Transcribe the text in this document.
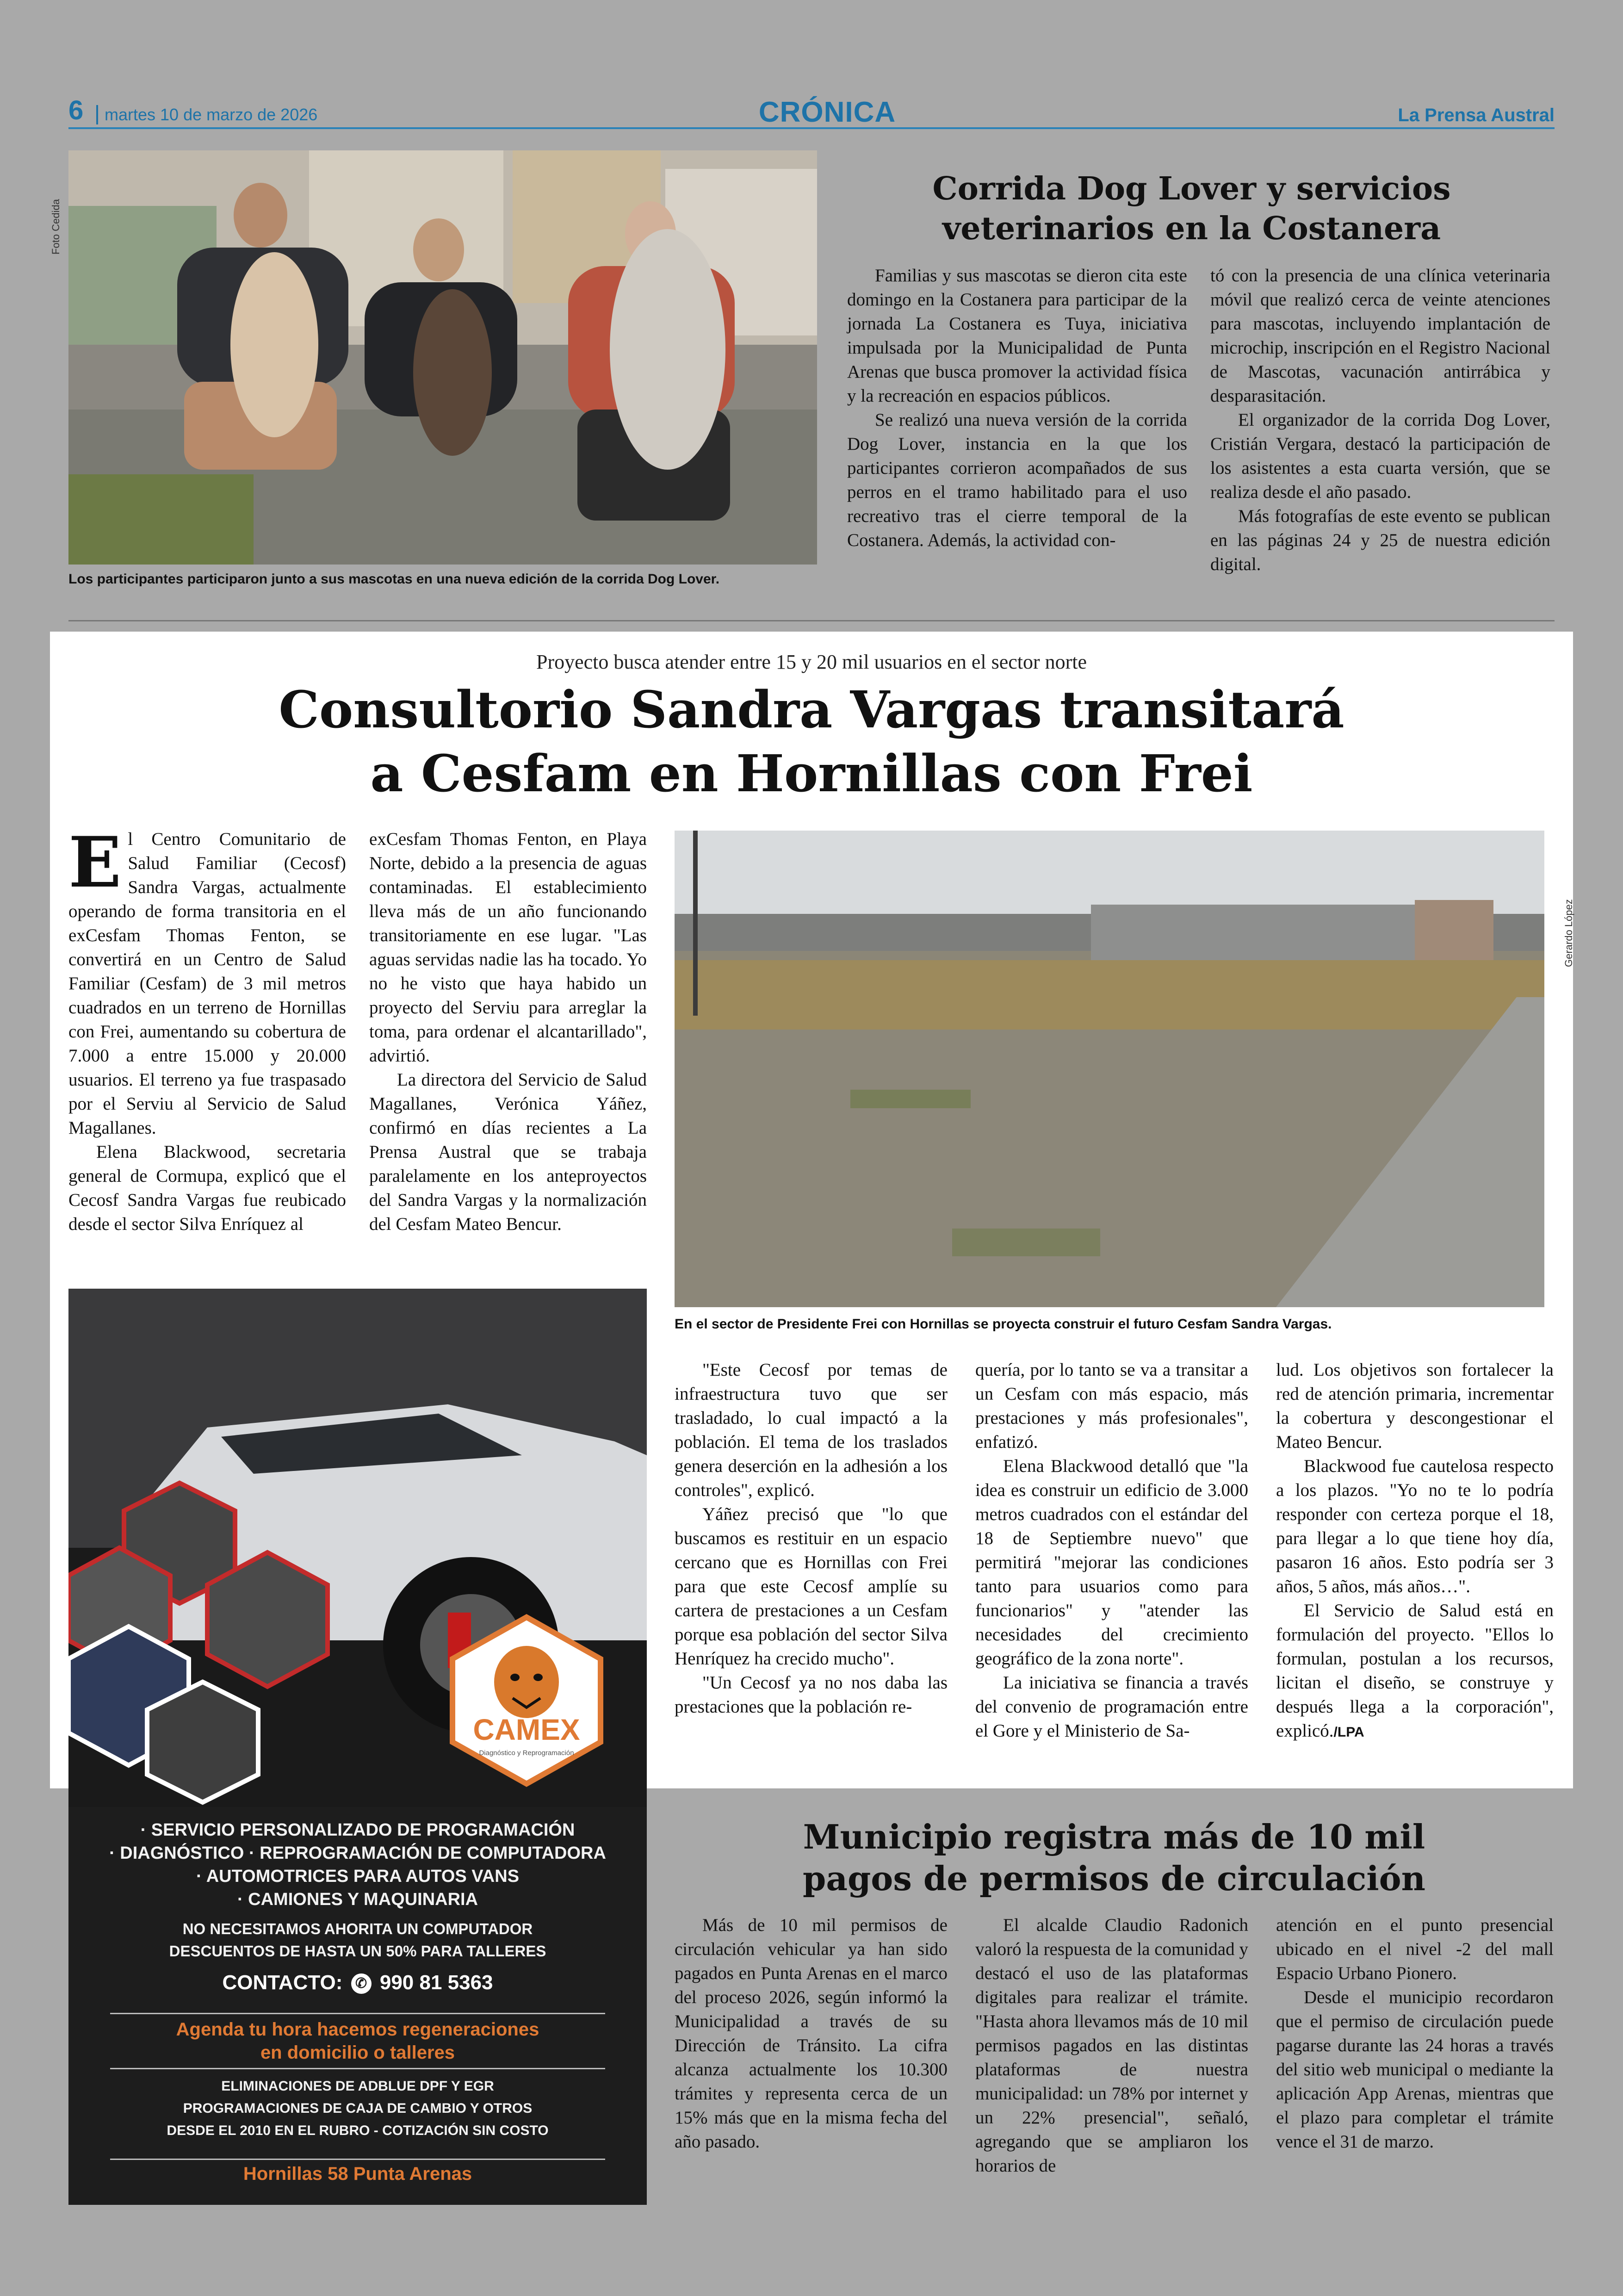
6	martes 10 de marzo de 2026	CRÓNICA	La Prensa Austral
Foto Cedida
Los participantes participaron junto a sus mascotas en una nueva edición de la corrida Dog Lover.
Corrida Dog Lover y servicios veterinarios en la Costanera

Familias y sus mascotas se dieron cita este domingo en la Costanera para participar de la jornada La Costanera es Tuya, iniciativa impulsada por la Municipalidad de Punta Arenas que busca promover la actividad física y la recreación en espacios públicos.

Se realizó una nueva versión de la corrida Dog Lover, instancia en la que los participantes corrieron acompañados de sus perros en el tramo habilitado para el uso recreativo tras el cierre temporal de la Costanera. Además, la actividad con-

tó con la presencia de una clínica veterinaria móvil que realizó cerca de veinte atenciones para mascotas, incluyendo implantación de microchip, inscripción en el Registro Nacional de Mascotas, vacunación antirrábica y desparasitación.

El organizador de la corrida Dog Lover, Cristián Vergara, destacó la participación de los asistentes a esta cuarta versión, que se realiza desde el año pasado.

Más fotografías de este evento se publican en las páginas 24 y 25 de nuestra edición digital.

Proyecto busca atender entre 15 y 20 mil usuarios en el sector norte
Consultorio Sandra Vargas transitará
a Cesfam en Hornillas con Frei

El Centro Comunitario de Salud Familiar (Cecosf) Sandra Vargas, actualmente operando de forma transitoria en el exCesfam Thomas Fenton, se convertirá en un Centro de Salud Familiar (Cesfam) de 3 mil metros cuadrados en un terreno de Hornillas con Frei, aumentando su cobertura de 7.000 a entre 15.000 y 20.000 usuarios. El terreno ya fue traspasado por el Serviu al Servicio de Salud Magallanes.

Elena Blackwood, secretaria general de Cormupa, explicó que el Cecosf Sandra Vargas fue reubicado desde el sector Silva Enríquez al

exCesfam Thomas Fenton, en Playa Norte, debido a la presencia de aguas contaminadas. El establecimiento lleva más de un año funcionando transitoriamente en ese lugar. "Las aguas servidas nadie las ha tocado. Yo no he visto que haya habido un proyecto del Serviu para arreglar la toma, para ordenar el alcantarillado", advirtió.

La directora del Servicio de Salud Magallanes, Verónica Yáñez, confirmó en días recientes a La Prensa Austral que se trabaja paralelamente en los anteproyectos del Sandra Vargas y la normalización del Cesfam Mateo Bencur.

Gerardo López
En el sector de Presidente Frei con Hornillas se proyecta construir el futuro Cesfam Sandra Vargas.

"Este Cecosf por temas de infraestructura tuvo que ser trasladado, lo cual impactó a la población. El tema de los traslados genera deserción en la adhesión a los controles", explicó.

Yáñez precisó que "lo que buscamos es restituir en un espacio cercano que es Hornillas con Frei para que este Cecosf amplíe su cartera de prestaciones a un Cesfam porque esa población del sector Silva Henríquez ha crecido mucho".

"Un Cecosf ya no nos daba las prestaciones que la población re-

quería, por lo tanto se va a transitar a un Cesfam con más espacio, más prestaciones y más profesionales", enfatizó.

Elena Blackwood detalló que "la idea es construir un edificio de 3.000 metros cuadrados con el estándar del 18 de Septiembre nuevo" que permitirá "mejorar las condiciones tanto para usuarios como para funcionarios" y "atender las necesidades del crecimiento geográfico de la zona norte".

La iniciativa se financia a través del convenio de programación entre el Gore y el Ministerio de Sa-

lud. Los objetivos son fortalecer la red de atención primaria, incrementar la cobertura y descongestionar el Mateo Bencur.

Blackwood fue cautelosa respecto a los plazos. "Yo no te lo podría responder con certeza porque el 18, para llegar a lo que tiene hoy día, pasaron 16 años. Esto podría ser 3 años, 5 años, más años…".

El Servicio de Salud está en formulación del proyecto. "Ellos lo formulan, postulan a los recursos, licitan el diseño, se construye y después llega a la corporación", explicó./LPA

CAMEX
Diagnóstico y Reprogramación
· SERVICIO PERSONALIZADO DE PROGRAMACIÓN
· DIAGNÓSTICO · REPROGRAMACIÓN DE COMPUTADORA
· AUTOMOTRICES PARA AUTOS VANS
· CAMIONES Y MAQUINARIA
NO NECESITAMOS AHORITA UN COMPUTADOR
DESCUENTOS DE HASTA UN 50% PARA TALLERES
CONTACTO: ✆ 990 81 5363
Agenda tu hora hacemos regeneraciones
en domicilio o talleres
ELIMINACIONES DE ADBLUE DPF Y EGR
PROGRAMACIONES DE CAJA DE CAMBIO Y OTROS
DESDE EL 2010 EN EL RUBRO - COTIZACIÓN SIN COSTO
Hornillas 58 Punta Arenas
Municipio registra más de 10 mil
pagos de permisos de circulación

Más de 10 mil permisos de circulación vehicular ya han sido pagados en Punta Arenas en el marco del proceso 2026, según informó la Municipalidad a través de su Dirección de Tránsito. La cifra alcanza actualmente los 10.300 trámites y representa cerca de un 15% más que en la misma fecha del año pasado.

El alcalde Claudio Radonich valoró la respuesta de la comunidad y destacó el uso de las plataformas digitales para realizar el trámite. "Hasta ahora llevamos más de 10 mil permisos pagados en las distintas plataformas de nuestra municipalidad: un 78% por internet y un 22% presencial", señaló, agregando que se ampliaron los horarios de

atención en el punto presencial ubicado en el nivel -2 del mall Espacio Urbano Pionero.

Desde el municipio recordaron que el permiso de circulación puede pagarse durante las 24 horas a través del sitio web municipal o mediante la aplicación App Arenas, mientras que el plazo para completar el trámite vence el 31 de marzo.
